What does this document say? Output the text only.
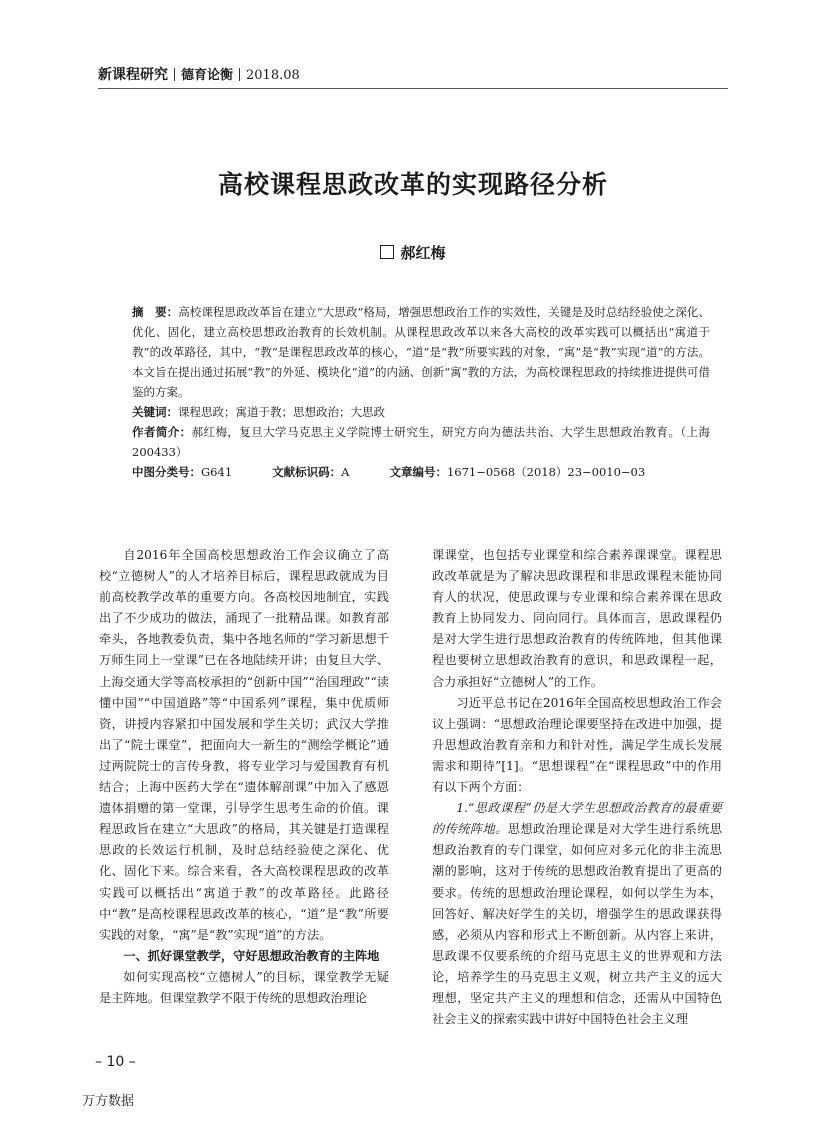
新课程研究 德育论衡 2018.08
高校课程思政改革的实现路径分析
郝红梅

摘　要：高校课程思政改革旨在建立“大思政”格局，增强思想政治工作的实效性，关键是及时总结经验使之深化、优化、固化，建立高校思想政治教育的长效机制。从课程思政改革以来各大高校的改革实践可以概括出“寓道于教”的改革路径，其中，“教”是课程思政改革的核心，“道”是“教”所要实践的对象，“寓”是“教”实现“道”的方法。本文旨在提出通过拓展“教”的外延、模块化“道”的内涵、创新“寓”教的方法，为高校课程思政的持续推进提供可借鉴的方案。

关键词：课程思政；寓道于教；思想政治；大思政

作者简介：郝红梅，复旦大学马克思主义学院博士研究生，研究方向为德法共治、大学生思想政治教育。（上海　200433）

中图分类号：G641	文献标识码：A	文章编号：1671−0568（2018）23−0010−03

自2016年全国高校思想政治工作会议确立了高校“立德树人”的人才培养目标后，课程思政就成为目前高校教学改革的重要方向。各高校因地制宜，实践出了不少成功的做法，涌现了一批精品课。如教育部牵头，各地教委负责，集中各地名师的“学习新思想千万师生同上一堂课”已在各地陆续开讲；由复旦大学、上海交通大学等高校承担的“创新中国”“治国理政”“读懂中国”“中国道路”等“中国系列”课程，集中优质师资，讲授内容紧扣中国发展和学生关切；武汉大学推出了“院士课堂”，把面向大一新生的“测绘学概论”通过两院院士的言传身教，将专业学习与爱国教育有机结合；上海中医药大学在“遗体解剖课”中加入了感恩遗体捐赠的第一堂课，引导学生思考生命的价值。课程思政旨在建立“大思政”的格局，其关键是打造课程思政的长效运行机制，及时总结经验使之深化、优化、固化下来。综合来看，各大高校课程思政的改革实践可以概括出“寓道于教”的改革路径。此路径中“教”是高校课程思政改革的核心，“道”是“教”所要实践的对象，“寓”是“教”实现“道”的方法。

一、抓好课堂教学，守好思想政治教育的主阵地

如何实现高校“立德树人”的目标，课堂教学无疑是主阵地。但课堂教学不限于传统的思想政治理论

课课堂，也包括专业课堂和综合素养课课堂。课程思政改革就是为了解决思政课程和非思政课程未能协同育人的状况，使思政课与专业课和综合素养课在思政教育上协同发力、同向同行。具体而言，思政课程仍是对大学生进行思想政治教育的传统阵地，但其他课程也要树立思想政治教育的意识，和思政课程一起，合力承担好“立德树人”的工作。

习近平总书记在2016年全国高校思想政治工作会议上强调：“思想政治理论课要坚持在改进中加强，提升思想政治教育亲和力和针对性，满足学生成长发展需求和期待”[1]。“思想课程”在“课程思政”中的作用有以下两个方面：

1.“思政课程”仍是大学生思想政治教育的最重要的传统阵地。思想政治理论课是对大学生进行系统思想政治教育的专门课堂，如何应对多元化的非主流思潮的影响，这对于传统的思想政治教育提出了更高的要求。传统的思想政治理论课程，如何以学生为本，回答好、解决好学生的关切，增强学生的思政课获得感，必须从内容和形式上不断创新。从内容上来讲，思政课不仅要系统的介绍马克思主义的世界观和方法论，培养学生的马克思主义观，树立共产主义的远大理想，坚定共产主义的理想和信念，还需从中国特色社会主义的探索实践中讲好中国特色社会主义理

– 10 –
万方数据
